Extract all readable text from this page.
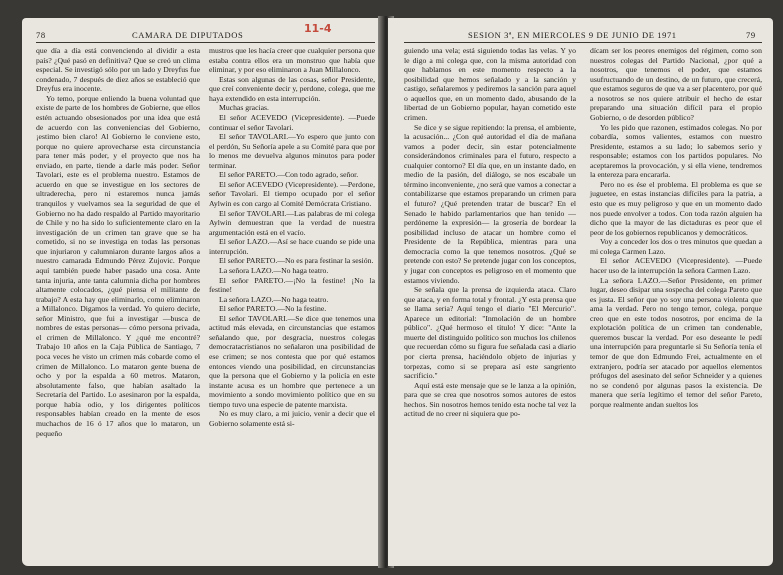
78	CAMARA DE DIPUTADOS	11-4

que día a día está convenciendo al dividir a esta país? ¿Qué pasó en definitiva? Que se creó un clima especial. Se investigó sólo por un lado y Dreyfus fue condenado, 7 después de diez años se estableció que Dreyfus era inocente.

Yo temo, porque enliendo la buena voluntad que existe de parte de los hombres de Gobierne, que ellos estén actuando obsesionados por una idea que está de acuerdo con las conveniencias del Gobierno, ¡estimo bien claro! Al Gobierno le conviene esto, porque no quiere aprovecharse esta circunstancia para tener más poder, y el proyecto que nos ha enviado, en parte, tiende a darle más poder. Señor Tavolari, este es el problema nuestro. Estamos de acuerdo en que se investigue en los sectores de ultraderecha, pero ni estaremos nunca jamás tranquilos y vuelvamos sea la seguridad de que el Gobierno no ha dado respaldo al Partido mayoritario de Chile y no ha sido lo suficientemente claro en la investigación de un crimen tan grave que se ha cometido, si no se investiga en todas las personas que injuriaron y calumniaron durante largos años a nuestro camarada Edmundo Pérez Zujovic. Porque aquí también puede haber pasado una cosa. Ante tanta injuria, ante tanta calumnia dicha por hombres altamente colocados, ¿qué piensa el militante de trabajo? A esta hay que eliminarlo, como eliminaron a Millalonco. Digamos la verdad. Yo quiero decirle, señor Ministro, que fui a investigar —busca de nombres de estas personas— cómo persona privada, el crimen de Millalonco. Y ¿qué me encontré? Trabajo 10 años en la Caja Pública de Santiago, 7 poca veces he visto un crimen más cobarde como el crimen de Millalonco. Lo mataron gente buena de ocho y por la espalda a 60 metros. Mataron, absolutamente falso, que habían asaltado la Secretaría del Partido. Lo asesinaron por la espalda, porque había odio, y los dirigentes políticos responsables habían creado en la mente de esos muchachos de 16 ó 17 años que lo mataron, un pequeño

mustros que les hacía creer que cualquier persona que estaba contra ellos era un monstruo que había que eliminar, y por eso eliminaron a Juan Millalonco.

Estas son algunas de las cosas, señor Presidente, que creí conveniente decir y, perdone, colega, que me haya extendido en esta interrupción.

Muchas gracias.

El señor ACEVEDO (Vicepresidente). —Puede continuar el señor Tavolari.

El señor TAVOLARI.—Yo espero que junto con el perdón, Su Señoría apele a su Comité para que por lo menos me devuelva algunos minutos para poder terminar.

El señor PARETO.—Con todo agrado, señor.

El señor ACEVEDO (Vicepresidente). —Perdone, señor Tavolari. El tiempo ocupado por el señor Aylwin es con cargo al Comité Demócrata Cristiano.

El señor TAVOLARI.—Las palabras de mi colega Aylwin demuestran que la verdad de nuestra argumentación está en el vacío.

El señor LAZO.—Así se hace cuando se pide una interrupción.

El señor PARETO.—No es para festinar la sesión.

La señora LAZO.—No haga teatro.

El señor PARETO.—¡No la festine! ¡No la festine!

La señora LAZO.—No haga teatro.

El señor PARETO.—No la festine.

El señor TAVOLARI.—Se dice que tenemos una actitud más elevada, en circunstancias que estamos señalando que, por desgracia, nuestros colegas democratacristianos no señalaron una posibilidad de ese crimen; se nos contesta que por qué estamos entonces viendo una posibilidad, en circunstancias que la persona que el Gobierno y la policía en este instante acusa es un hombre que pertenece a un movimiento a sondo movimiento político que en su tiempo tuvo una especie de patente marxista.

No es muy claro, a mi juicio, venir a decir que el Gobierno solamente está si-

SESION 3ª, EN MIERCOLES 9 DE JUNIO DE 1971	79

guiendo una vela; está siguiendo todas las velas. Y yo le digo a mi colega que, con la misma autoridad con que hablamos en este momento respecto a la posibilidad que hemos señalado y a la sanción y castigo, señalaremos y pediremos la sanción para aquel o aquellos que, en un momento dado, abusando de la libertad de un Gobierno popular, hayan cometido este crimen.

Se dice y se sigue repitiendo: la prensa, el ambiente, la acusación... ¿Con qué autoridad el día de mañana vamos a poder decir, sin estar potencialmente considerándonos criminales para el futuro, respecto a cualquier contorno? El día que, en un instante dado, en medio de la pasión, del diálogo, se nos escabale un término inconveniente, ¿no será que vamos a conectar a contabilizarse que estamos preparando un crimen para el futuro? ¿Qué pretenden tratar de buscar? En el Senado le habido parlamentarios que han tenido —perdóneme la expresión— la grosería de bordear la posibilidad incluso de atacar un hombre como el Presidente de la República, mientras para una democracia como la que tenemos nosotros. ¿Qué se pretende con esto? Se pretende jugar con los conceptos, y jugar con conceptos es peligroso en el momento que estamos viviendo.

Se señala que la prensa de izquierda ataca. Claro que ataca, y en forma total y frontal. ¿Y esta prensa que se llama seria? Aquí tengo el diario "El Mercurio". Aparece un editorial: "Inmolación de un hombre público". ¿Qué hermoso el título! Y dice: "Ante la muerte del distinguido político son muchos los chilenos que recuerdan cómo su figura fue señalada casi a diario por cierta prensa, haciéndolo objeto de injurias y torpezas, como si se prepara así este sangriento sacrificio."

Aquí está este mensaje que se le lanza a la opinión, para que se crea que nosotros somos autores de estos hechos. Sin nosotros hemos tenido esta noche tal vez la actitud de no creer ni siquiera que po-

dícam ser los peores enemigos del régimen, como son nuestros colegas del Partido Nacional, ¿por qué a nosotros, que tenemos el poder, que estamos usufructuando de un destino, de un futuro, que crecerá, que estamos seguros de que va a ser placentero, por qué a nosotros se nos quiere atribuir el hecho de estar preparando una situación difícil para el propio Gobierno, o de desorden público?

Yo les pido que razonen, estimados colegas. No por cobardía, somos valientes, estamos con nuestro Presidente, estamos a su lado; lo sabemos serio y responsable; estamos con los partidos populares. No aceptaremos la provocación, y si ella viene, tendremos la entereza para encararla.

Pero no es ése el problema. El problema es que se juguetee, en estas instancias difíciles para la patria, a esto que es muy peligroso y que en un momento dado nos puede envolver a todos. Con toda razón alguien ha dicho que la mayor de las dictaduras es peor que el peor de los gobiernos republicanos y democráticos.

Voy a conceder los dos o tres minutos que quedan a mi colega Carmen Lazo.

El señor ACEVEDO (Vicepresidente). —Puede hacer uso de la interrupción la señora Carmen Lazo.

La señora LAZO.—Señor Presidente, en primer lugar, deseo disipar una sospecha del colega Pareto que es justa. El señor que yo soy una persona violenta que ama la verdad. Pero no tengo temor, colega, porque creo que en este todos nosotros, por encima de la explotación política de un crimen tan condenable, queremos buscar la verdad. Por eso deseante le pedí una interrupción para preguntarle si Su Señoría tenía el temor de que don Edmundo Frei, actualmente en el extranjero, podría ser atacado por aquellos elementos prófugos del asesinato del señor Schneider y a quienes no se condenó por algunas pasos la existencia. De manera que sería legítimo el temor del señor Pareto, porque realmente andan sueltos los
